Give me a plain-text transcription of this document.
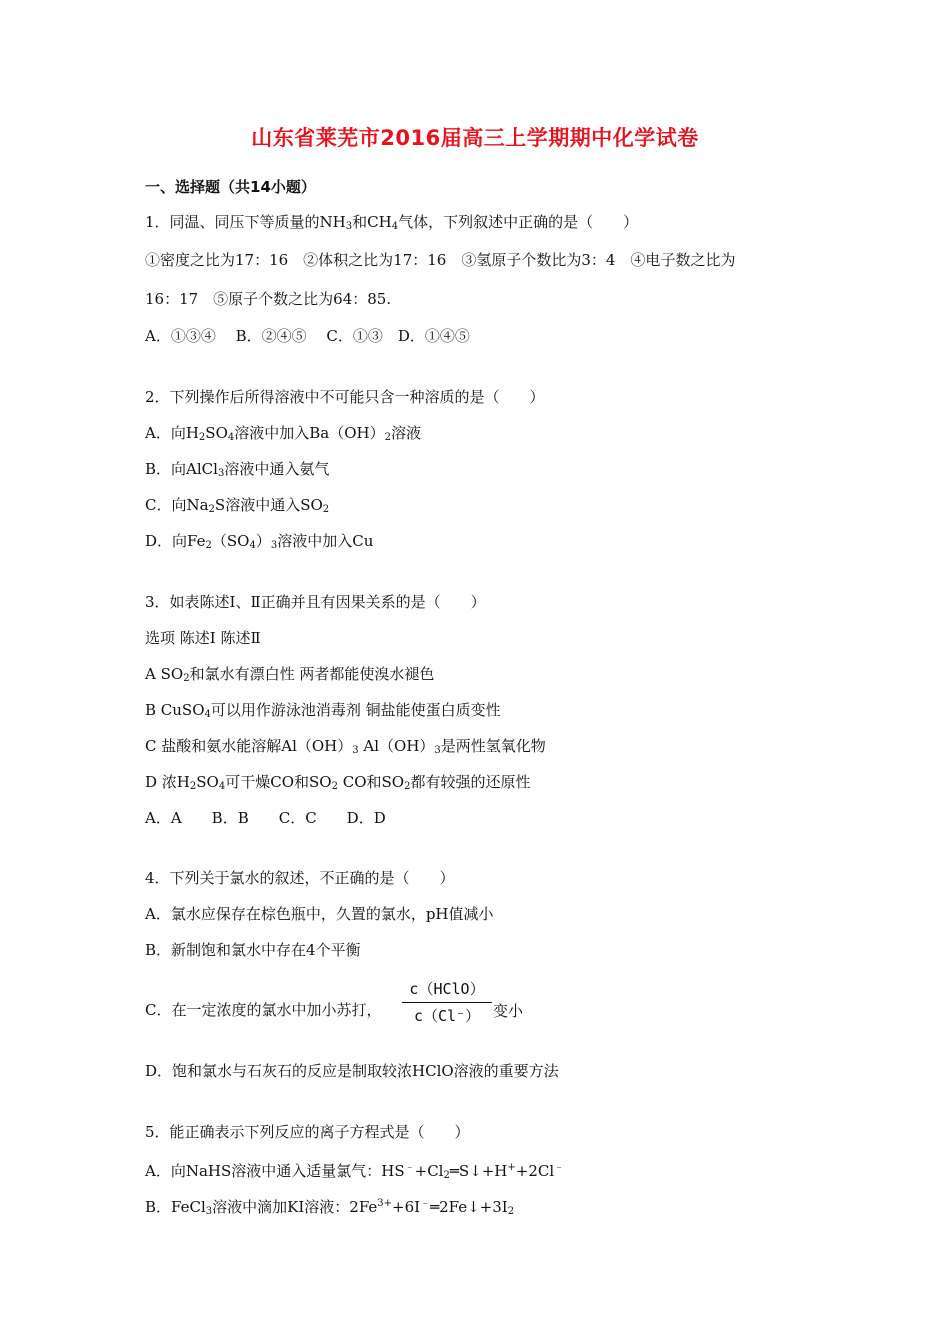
山东省莱芜市2016届高三上学期期中化学试卷
一、选择题（共14小题）
1．同温、同压下等质量的$NH_3$和$CH_4$气体，下列叙述中正确的是（　　）
①密度之比为17：16　②体积之比为17：16　③氢原子个数比为3：4　④电子数之比为
16：17　⑤原子个数之比为64：85.
A．①③④　 B．②④⑤　 C．①③　D．①④⑤
2．下列操作后所得溶液中不可能只含一种溶质的是（　　）
A．向$H_2SO_4$溶液中加入$Ba(OH)_2$溶液
B．向AlCl$_3$溶液中通入氨气
C．向$Na_2S$溶液中通入$SO_2$
D．向$Fe_2(SO_4)_3$溶液中加入Cu
3．如表陈述Ⅰ、Ⅱ正确并且有因果关系的是（　　）
选项 陈述Ⅰ 陈述Ⅱ
A $SO_2$和氯水有漂白性 两者都能使溴水褪色
B CuSO$_4$可以用作游泳池消毒剂 铜盐能使蛋白质变性
C 盐酸和氨水能溶解$Al(OH)_3$ $Al(OH)_3$是两性氢氧化物
D 浓$H_2SO_4$可干燥CO和$SO_2$ CO和$SO_2$都有较强的还原性
A．A　　B．B　　C．C　　D．D
4．下列关于氯水的叙述，不正确的是（　　）
A．氯水应保存在棕色瓶中，久置的氯水，pH值减小
B．新制饱和氯水中存在4个平衡
C．在一定浓度的氯水中加小苏打，
c（HClO）
c（Cl⁻） 变小
D．饱和氯水与石灰石的反应是制取较浓HClO溶液的重要方法
5．能正确表示下列反应的离子方程式是（　　）
A．向NaHS溶液中通入适量氯气：$HS^﹣+Cl_2═S↓+H^++2Cl^﹣$
B．FeCl$_3$溶液中滴加KI溶液：$2Fe^{3+}+6I^﹣═2Fe↓+3I_2$
